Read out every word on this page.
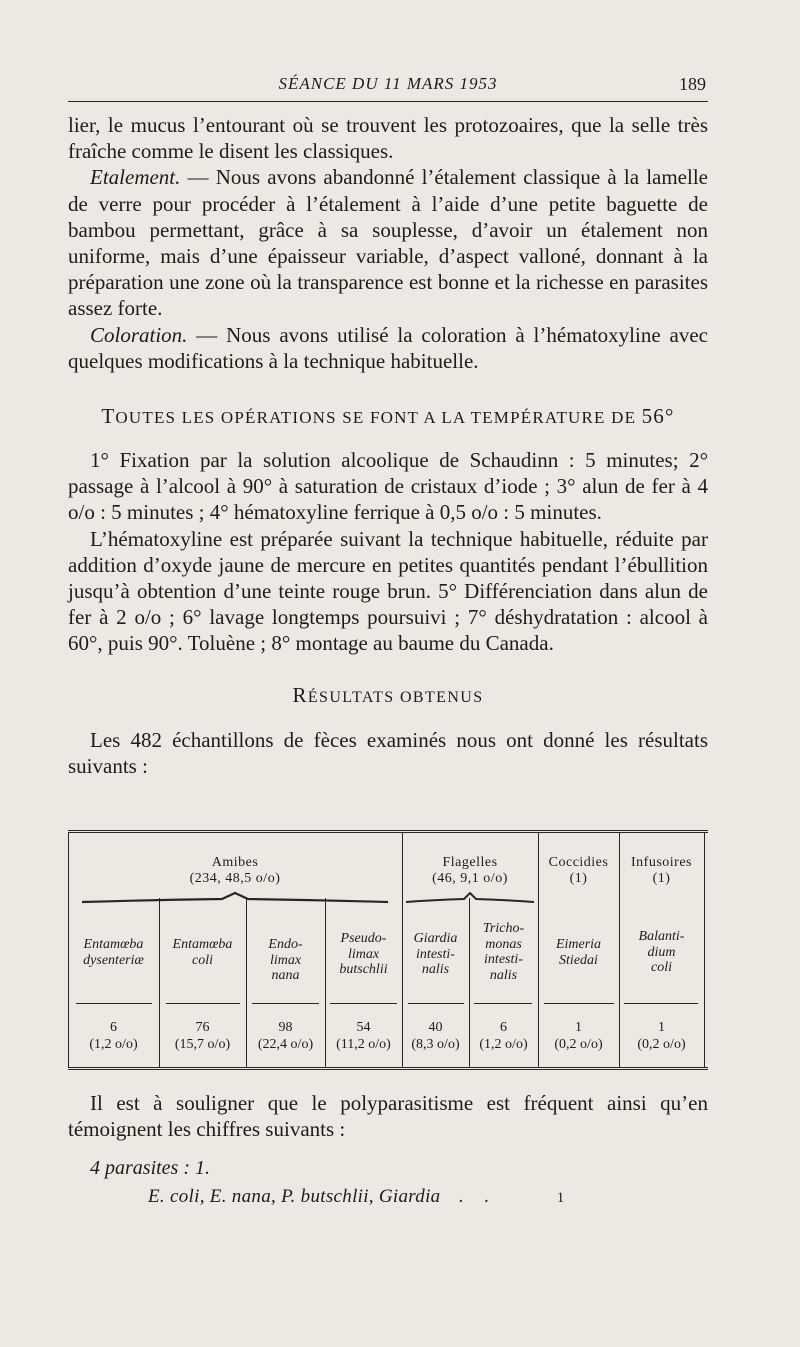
SÉANCE DU 11 MARS 1953	189

lier, le mucus l’entourant où se trouvent les protozoaires, que la selle très fraîche comme le disent les classiques.

Etalement. — Nous avons abandonné l’étalement classique à la lamelle de verre pour procéder à l’étalement à l’aide d’une petite baguette de bambou permettant, grâce à sa souplesse, d’avoir un étalement non uniforme, mais d’une épaisseur variable, d’aspect valloné, donnant à la préparation une zone où la transparence est bonne et la richesse en parasites assez forte.

Coloration. — Nous avons utilisé la coloration à l’hématoxyline avec quelques modifications à la technique habituelle.

TOUTES LES OPÉRATIONS SE FONT A LA TEMPÉRATURE DE 56°

1° Fixation par la solution alcoolique de Schaudinn : 5 minutes; 2° passage à l’alcool à 90° à saturation de cristaux d’iode ; 3° alun de fer à 4 o/o : 5 minutes ; 4° hématoxyline ferrique à 0,5 o/o : 5 minutes.

L’hématoxyline est préparée suivant la technique habituelle, réduite par addition d’oxyde jaune de mercure en petites quantités pendant l’ébullition jusqu’à obtention d’une teinte rouge brun. 5° Différenciation dans alun de fer à 2 o/o ; 6° lavage longtemps poursuivi ; 7° déshydratation : alcool à 60°, puis 90°. Toluène ; 8° montage au baume du Canada.

RÉSULTATS OBTENUS

Les 482 échantillons de fèces examinés nous ont donné les résultats suivants :

Amibes
(234, 48,5 o/o)
Flagelles
(46, 9,1 o/o)
Coccidies
(1)
Infusoires
(1)
Entamœba
dysenteriæ
Entamœba
coli
Endo-
limax
nana
Pseudo-
limax
butschlii
Giardia
intesti-
nalis
Tricho-
monas
intesti-
nalis
Eimeria
Stiedai
Balanti-
dium
coli
6
(1,2 o/o)
76
(15,7 o/o)
98
(22,4 o/o)
54
(11,2 o/o)
40
(8,3 o/o)
6
(1,2 o/o)
1
(0,2 o/o)
1
(0,2 o/o)

Il est à souligner que le polyparasitisme est fréquent ainsi qu’en témoignent les chiffres suivants :

4 parasites : 1.
E. coli, E. nana, P. butschlii, Giardia . .	1
